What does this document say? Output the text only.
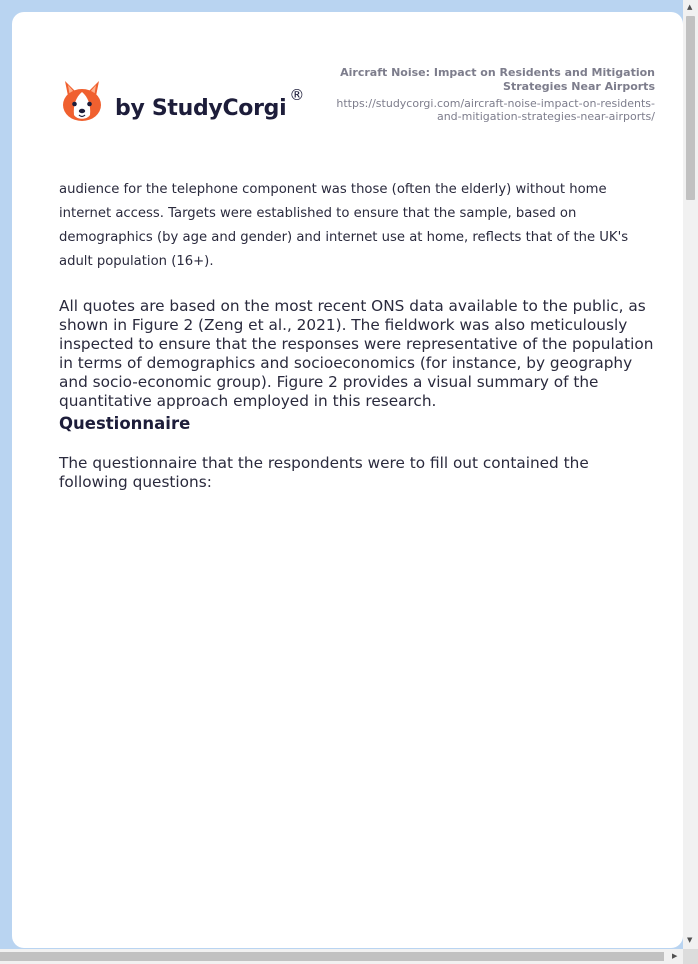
by StudyCorgi®
Aircraft Noise: Impact on Residents and Mitigation Strategies Near Airports
https://studycorgi.com/aircraft-noise-impact-on-residents-and-mitigation-strategies-near-airports/

audience for the telephone component was those (often the elderly) without home internet access. Targets were established to ensure that the sample, based on demographics (by age and gender) and internet use at home, reflects that of the UK's adult population (16+).

All quotes are based on the most recent ONS data available to the public, as shown in Figure 2 (Zeng et al., 2021). The fieldwork was also meticulously inspected to ensure that the responses were representative of the population in terms of demographics and socioeconomics (for instance, by geography and socio-economic group). Figure 2 provides a visual summary of the quantitative approach employed in this research.

Questionnaire

The questionnaire that the respondents were to fill out contained the following questions:

▲
▼
▶
